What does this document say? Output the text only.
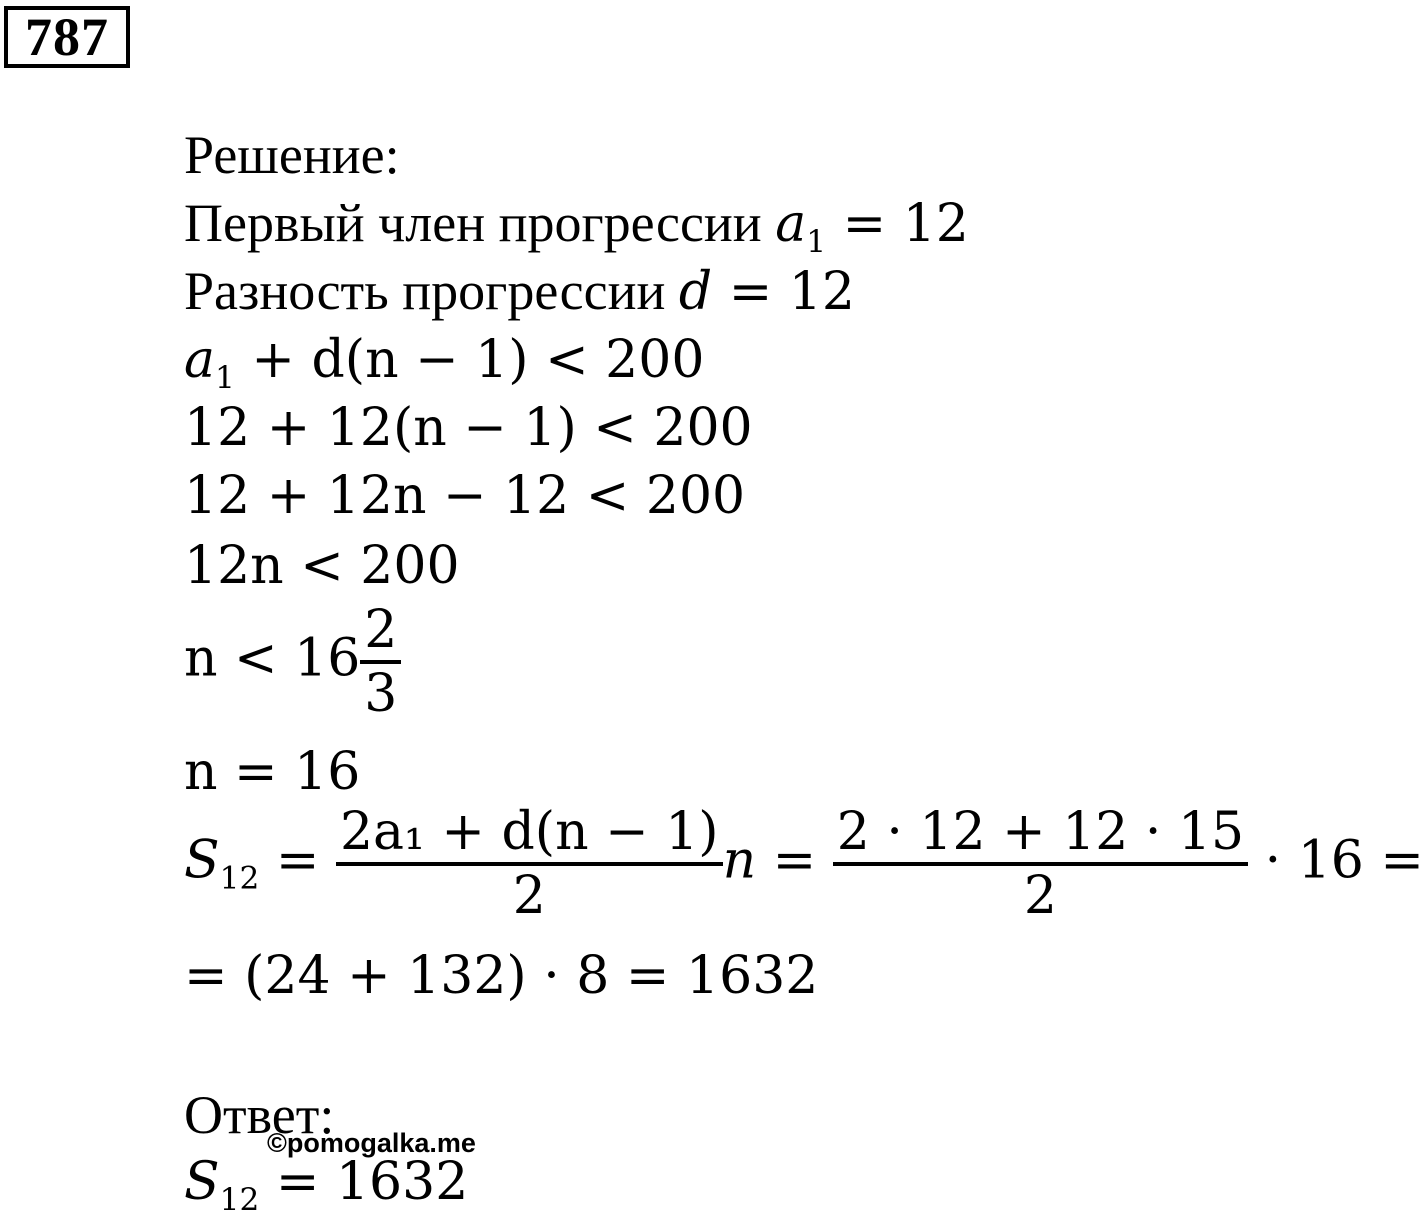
787
Решение:
Первый член прогрессии $a_1 = 12$
Разность прогрессии d = 12
$a_1 + d(n - 1) < 200$
12 + 12(n − 1) < 200
12 + 12n − 12 < 200
12n < 200
$n < 16 \frac{2}{3}$
n = 16
$S_{12} = \frac{\text{2a₁ + d(n − 1)}}{2}$ $n = \frac{2 \cdot 12 + 12 \cdot 15}{2} \cdot 16$ =
= (24 + 132) · 8 = 1632
Ответ:
©pomogalka.me
$S_{12} = 1632$
